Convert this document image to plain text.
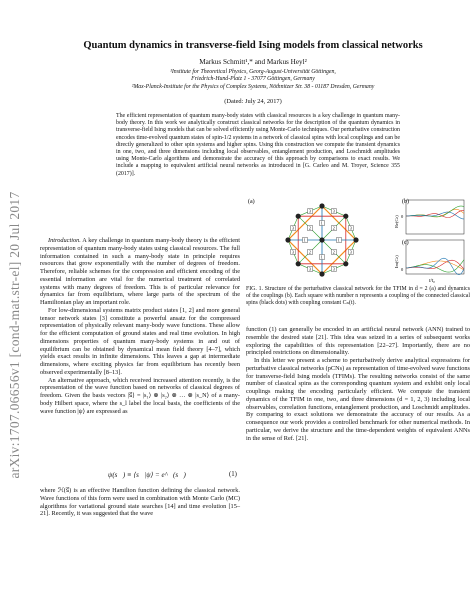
arXiv:1707.06656v1 [cond-mat.str-el] 20 Jul 2017
Quantum dynamics in transverse-field Ising models from classical networks
Markus Schmitt¹,* and Markus Heyl²
¹Institute for Theoretical Physics, Georg-August-Universität Göttingen,
Friedrich-Hund-Platz 1 - 37077 Göttingen, Germany
²Max-Planck-Institute for the Physics of Complex Systems, Nöthnitzer Str. 38 - 01187 Dresden, Germany
(Dated: July 24, 2017)
The efficient representation of quantum many-body states with classical resources is a key challenge in quantum many-body theory. In this work we analytically construct classical networks for the description of the quantum dynamics in transverse-field Ising models that can be solved efficiently using Monte-Carlo techniques. Our perturbative construction encodes time-evolved quantum states of spin-1/2 systems in a network of classical spins with local couplings and can be directly generalized to other spin systems and higher spins. Using this construction we compute the transient dynamics in one, two, and three dimensions including local observables, entanglement production, and Loschmidt amplitudes using Monte-Carlo algorithms and demonstrate the accuracy of this approach by comparisons to exact results. We include a mapping to equivalent artificial neural networks as introduced in [G. Carleo and M. Troyer, Science 355 (2017)].

Introduction. A key challenge in quantum many-body theory is the efficient representation of quantum many-body states using classical resources. The full information contained in such a many-body state in principle requires resources that grow exponentially with the number of degrees of freedom. Therefore, reliable schemes for the compression and efficient encoding of the essential information are vital for the numerical treatment of correlated systems with many degrees of freedom. This is of particular relevance for dynamics far from equilibrium, where large parts of the spectrum of the Hamiltonian play an important role.

For low-dimensional systems matrix product states [1, 2] and more general tensor network states [3] constitute a powerful ansatz for the compressed representation of physically relevant many-body wave functions. These allow for the efficient computation of ground states and real time evolution. In high dimensions properties of quantum many-body systems in and out of equilibrium can be obtained by dynamical mean field theory [4–7], which yields exact results in infinite dimensions. This leaves a gap at intermediate dimensions, where exciting physics far from equilibrium has recently been observed experimentally [8–13].

An alternative approach, which received increased attention recently, is the representation of the wave function based on networks of classical degrees of freedom. Given the basis vectors |s⃗⟩ = |s₁⟩ ⊗ |s₂⟩ ⊗ … ⊗ |s_N⟩ of a many-body Hilbert space, where the s_l label the local basis, the coefficients of the wave function |ψ⟩ are expressed as

ψ(s⃗) ≡ ⟨s⃗|ψ⟩ = e^ℋ(s⃗)	(1)

where ℋ(s⃗) is an effective Hamilton function defining the classical network. Wave functions of this form were used in combination with Monte Carlo (MC) algorithms for variational ground state searches [14] and time evolution [15–21]. Recently, it was suggested that the wave

(a)
1
1
1
1
2	2
2
2
3	3
3
3
3	3
3
3
(b)
(c)
Re(Cₙ)
Im(Cₙ)
0
0
t/t₀
FIG. 1. Structure of the perturbative classical network for the TFIM in d = 2 (a) and dynamics of the couplings (b). Each square with number n represents a coupling of the connected classical spins (black dots) with coupling constant Cₙ(t).

function (1) can generally be encoded in an artificial neural network (ANN) trained to resemble the desired state [21]. This idea was seized in a series of subsequent works exploring the capabilities of this representation [22–27]. Importantly, there are no principled restrictions on dimensionality.

In this letter we present a scheme to perturbatively derive analytical expressions for perturbative classical networks (pCNs) as representation of time-evolved wave functions for transverse-field Ising models (TFIMs). The resulting networks consist of the same number of classical spins as the corresponding quantum system and exhibit only local couplings making the encoding particularly efficient. We compute the transient dynamics of the TFIM in one, two, and three dimensions (d = 1, 2, 3) including local observables, correlation functions, entanglement production, and Loschmidt amplitudes. By comparing to exact solutions we demonstrate the accuracy of our results. As a consequence our work provides a controlled benchmark for other numerical methods. In particular, we derive the structure and the time-dependent weights of equivalent ANNs in the sense of Ref. [21].
